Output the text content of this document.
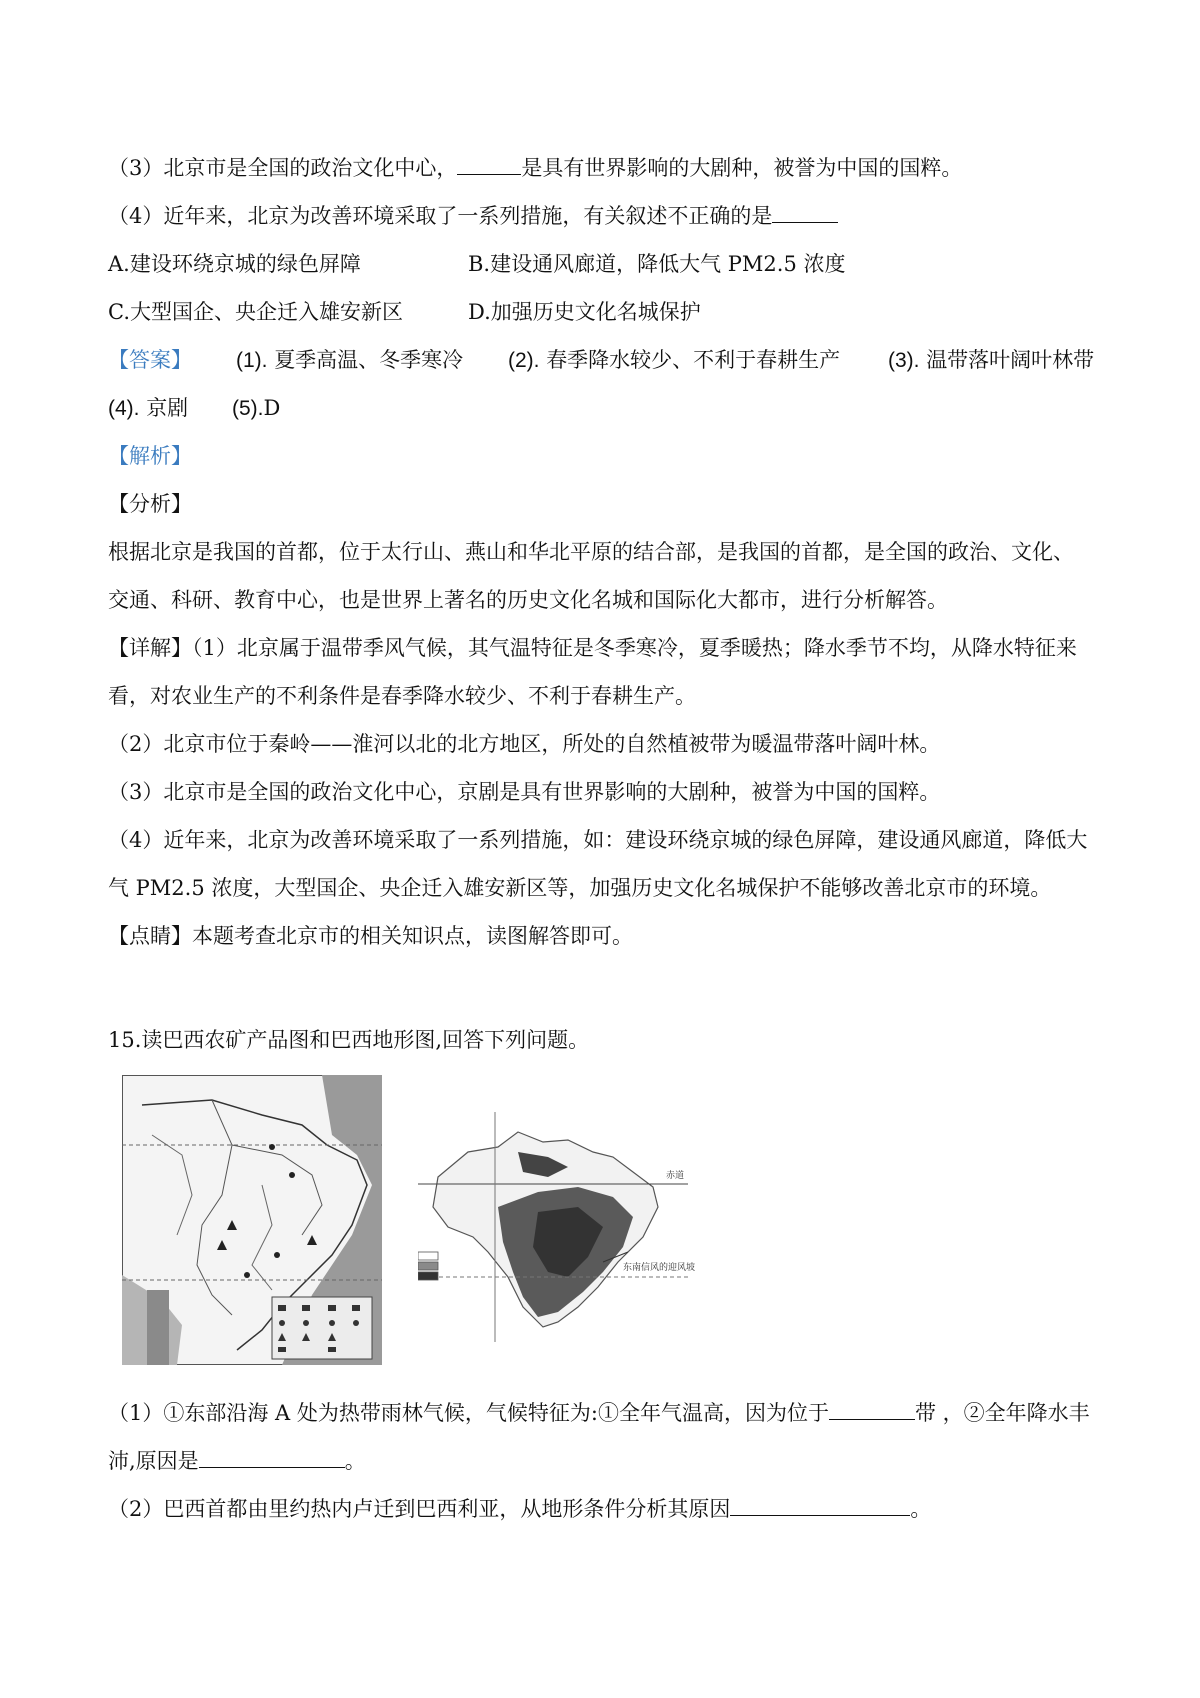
（3）北京市是全国的政治文化中心，	是具有世界影响的大剧种，被誉为中国的国粹。
（4）近年来，北京为改善环境采取了一系列措施，有关叙述不正确的是
A.建设环绕京城的绿色屏障	B.建设通风廊道，降低大气 PM2.5 浓度
C.大型国企、央企迁入雄安新区	D.加强历史文化名城保护
【答案】 (1). 夏季高温、冬季寒冷 (2). 春季降水较少、不利于春耕生产 (3). 温带落叶阔叶林带
(4). 京剧 (5).D
【解析】
【分析】
根据北京是我国的首都，位于太行山、燕山和华北平原的结合部，是我国的首都，是全国的政治、文化、
交通、科研、教育中心，也是世界上著名的历史文化名城和国际化大都市，进行分析解答。
【详解】（1）北京属于温带季风气候，其气温特征是冬季寒冷，夏季暖热；降水季节不均，从降水特征来
看，对农业生产的不利条件是春季降水较少、不利于春耕生产。
（2）北京市位于秦岭——淮河以北的北方地区，所处的自然植被带为暖温带落叶阔叶林。
（3）北京市是全国的政治文化中心，京剧是具有世界影响的大剧种，被誉为中国的国粹。
（4）近年来，北京为改善环境采取了一系列措施，如：建设环绕京城的绿色屏障，建设通风廊道，降低大
气 PM2.5 浓度，大型国企、央企迁入雄安新区等，加强历史文化名城保护不能够改善北京市的环境。
【点睛】本题考查北京市的相关知识点，读图解答即可。
15.读巴西农矿产品图和巴西地形图,回答下列问题。
赤道
东南信风的迎风坡
（1）①东部沿海 A 处为热带雨林气候，气候特征为:①全年气温高，因为位于	带 ，②全年降水丰
沛,原因是	。
（2）巴西首都由里约热内卢迁到巴西利亚，从地形条件分析其原因	。
